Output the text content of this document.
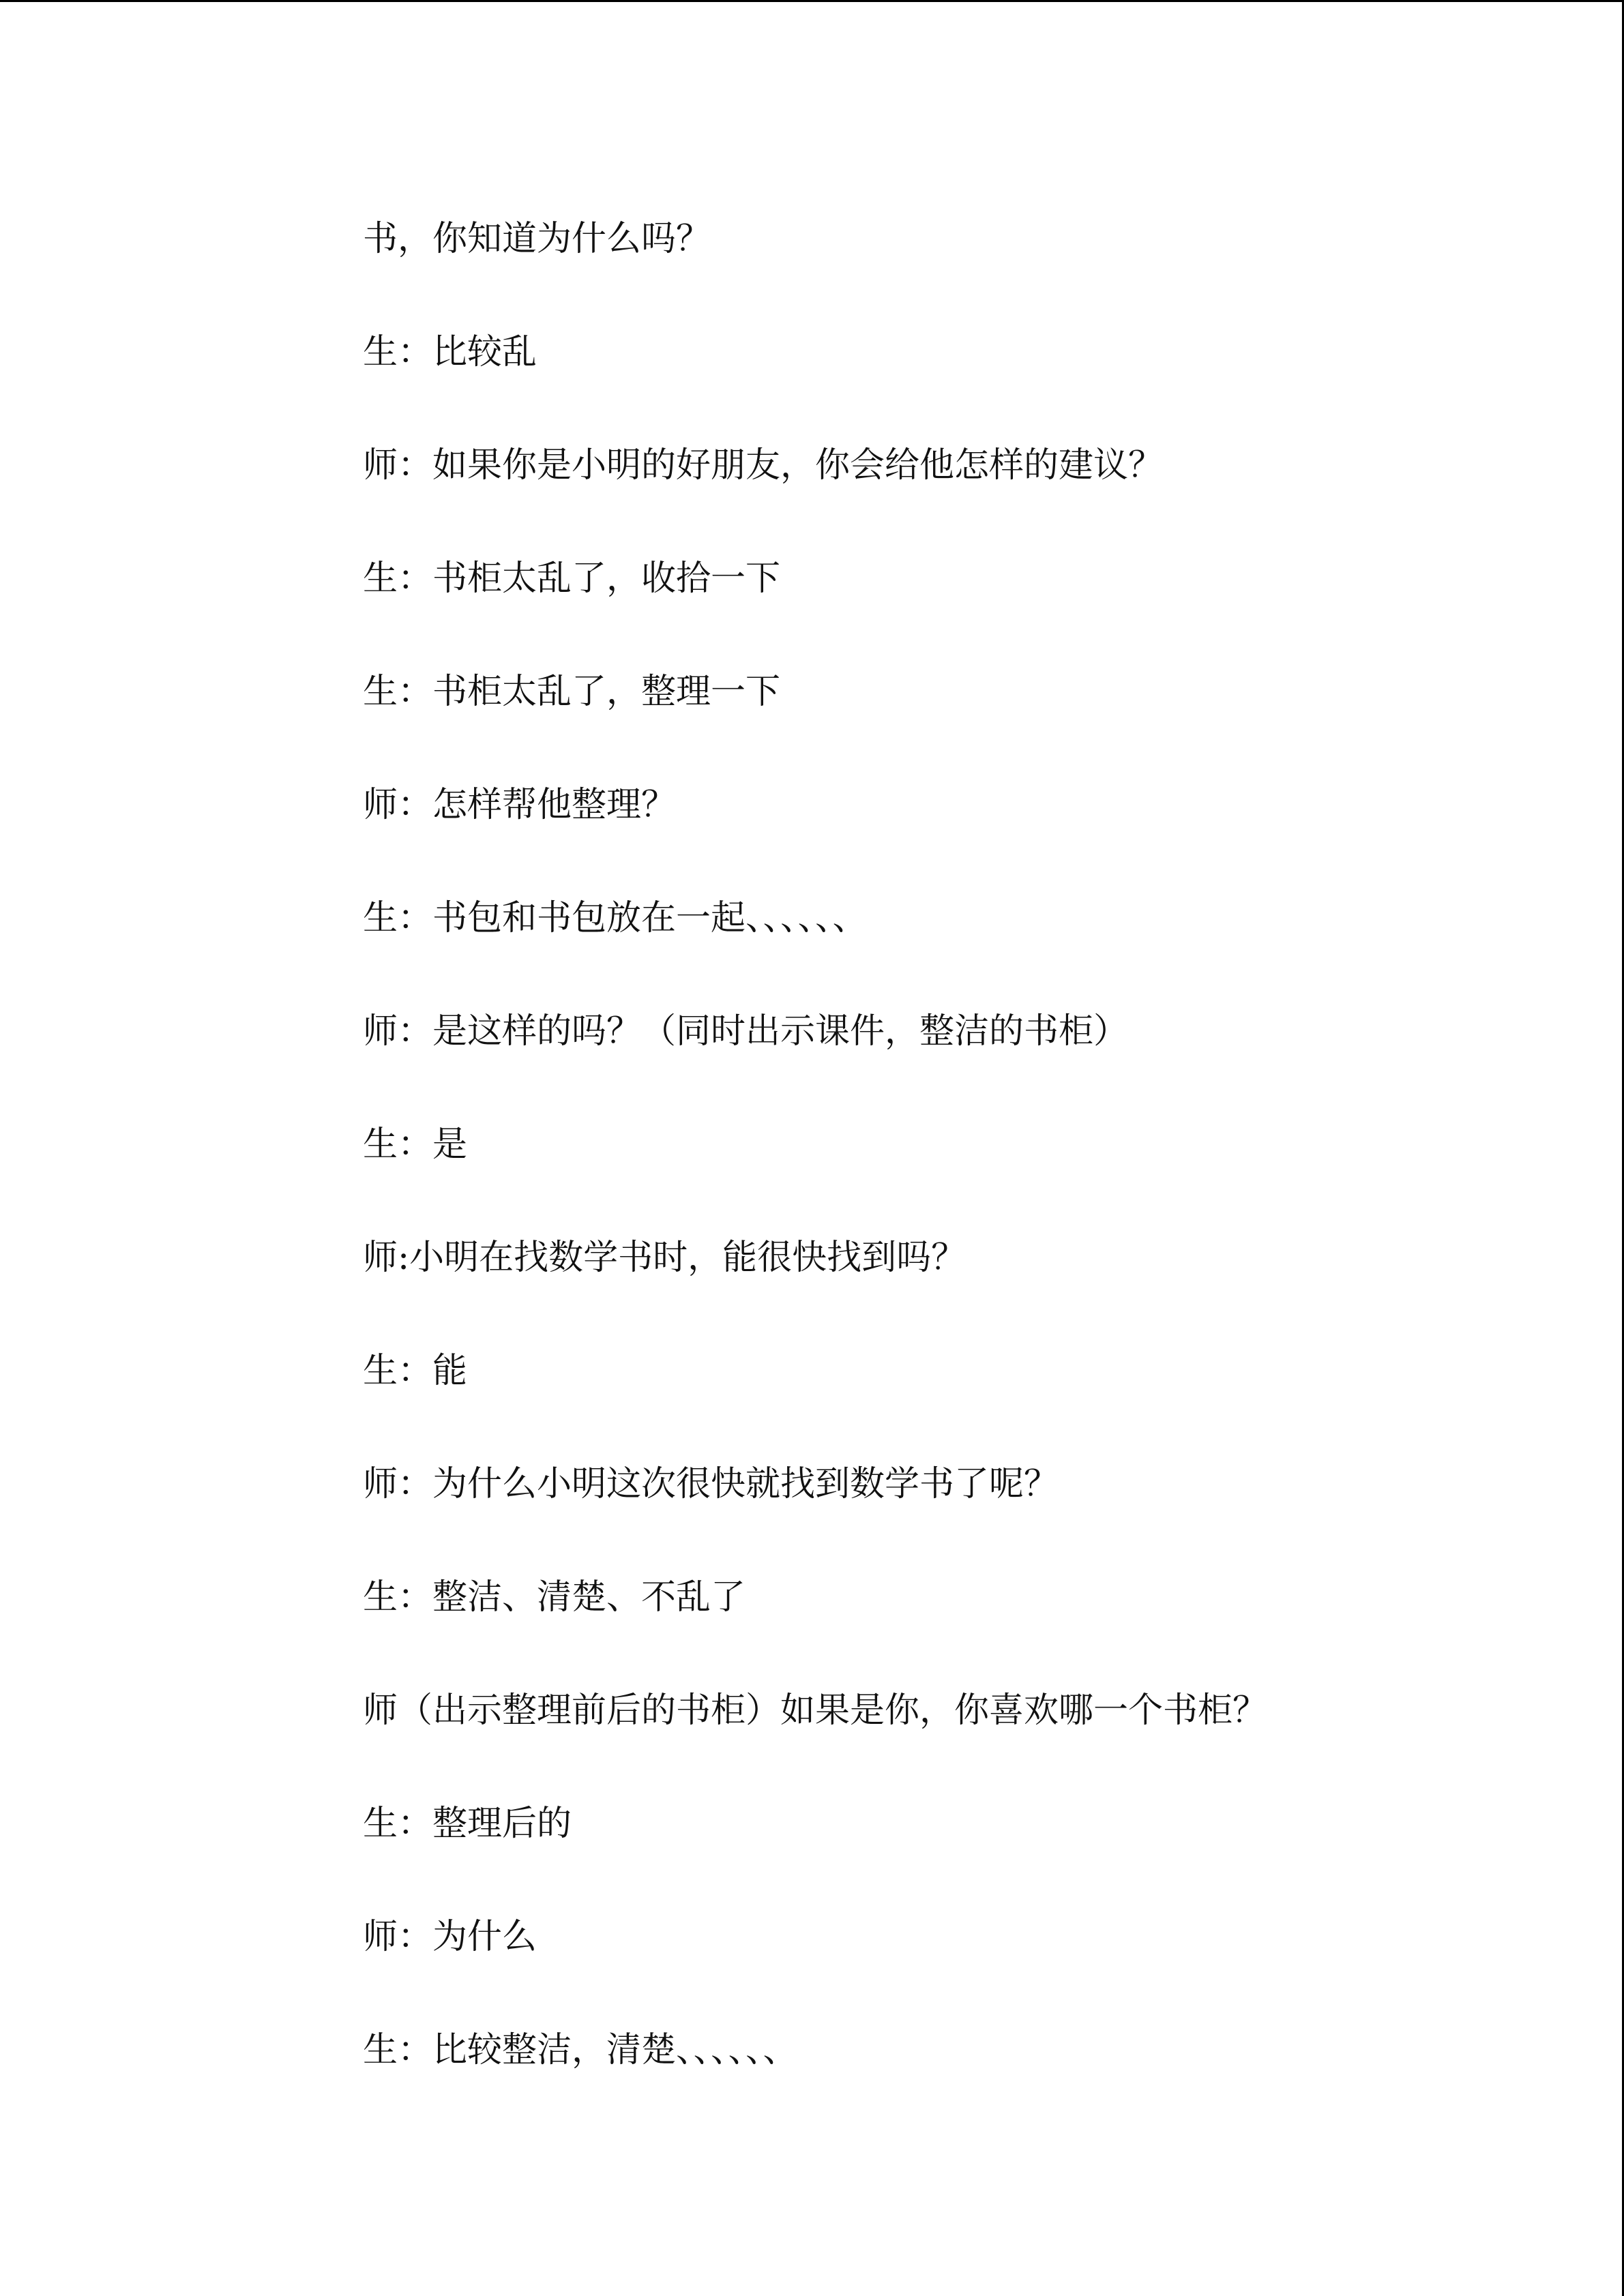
书，你知道为什么吗？
生：比较乱
师：如果你是小明的好朋友，你会给他怎样的建议？
生：书柜太乱了，收拾一下
生：书柜太乱了，整理一下
师：怎样帮他整理？
生：书包和书包放在一起、、、、、、
师：是这样的吗？（同时出示课件，整洁的书柜）
生：是
师:小明在找数学书时，能很快找到吗？
生：能
师：为什么小明这次很快就找到数学书了呢？
生：整洁、清楚、不乱了
师（出示整理前后的书柜）如果是你，你喜欢哪一个书柜？
生：整理后的
师：为什么
生：比较整洁，清楚、、、、、、
